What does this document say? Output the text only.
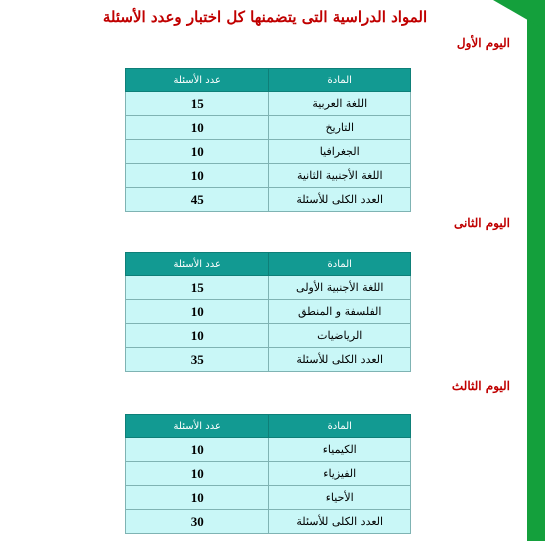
المواد الدراسية التى يتضمنها كل اختبار وعدد الأسئلة
اليوم الأول
المادة	عدد الأسئلة
اللغة العربية	15
التاريخ	10
الجغرافيا	10
اللغة الأجنبية الثانية	10
العدد الكلى للأسئلة	45
اليوم الثانى
المادة	عدد الأسئلة
اللغة الأجنبية الأولى	15
الفلسفة و المنطق	10
الرياضيات	10
العدد الكلى للأسئلة	35
اليوم الثالث
المادة	عدد الأسئلة
الكيمياء	10
الفيزياء	10
الأحياء	10
العدد الكلى للأسئلة	30
